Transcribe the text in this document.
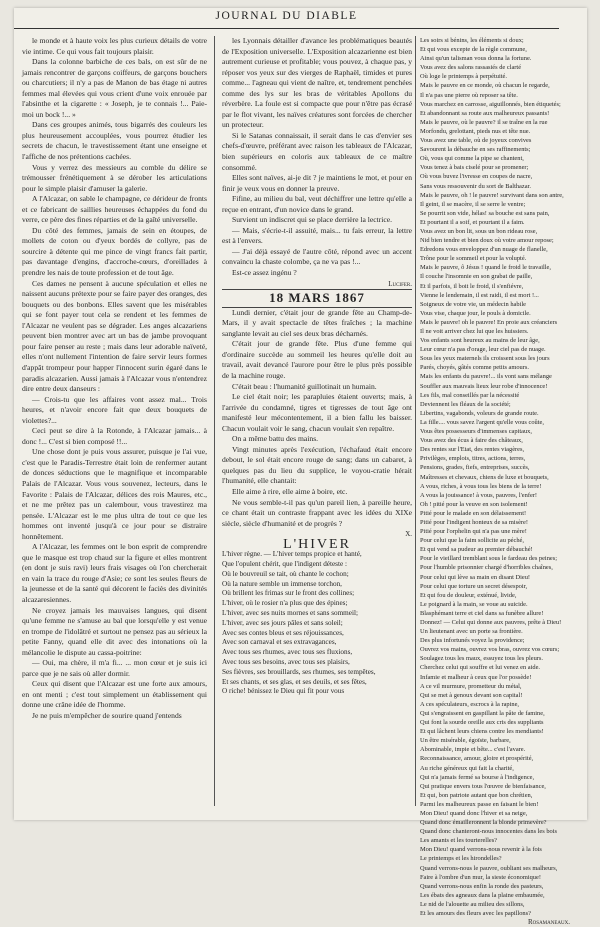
JOURNAL DU DIABLE

le monde et à haute voix les plus curieux détails de votre vie intime. Ce qui vous fait toujours plaisir.

Dans la colonne barbiche de ces bals, on est sûr de ne jamais rencontrer de garçons coiffeurs, de garçons bouchers ou charcutiers; il n'y a pas de Manon de bas étage ni autres femmes mal élevées qui vous crient d'une voix enrouée par l'absinthe et la cigarette : « Joseph, je te connais !... Paie-moi un bock !... »

Dans ces groupes animés, tous bigarrés des couleurs les plus heureusement accouplées, vous pourrez étudier les secrets de chacun, le travestissement étant une enseigne et l'affiche de nos prétentions cachées.

Vous y verrez des messieurs au comble du délire se trémousser frénétiquement à se dérober les articulations pour le simple plaisir d'amuser la galerie.

A l'Alcazar, on sable le champagne, ce dérideur de fronts et ce fabricant de saillies heureuses échappées du fond du verre, ce père des fines réparties et de la gaîté universelle.

Du côté des femmes, jamais de sein en étoupes, de mollets de coton ou d'yeux bordés de collyre, pas de sourcire à détente qui me pince de vingt francs fait partir, pas davantage d'engins, d'accroche-cœurs, d'oreillades à prendre les nais de toute profession et de tout âge.

Ces dames ne pensent à aucune spéculation et elles ne naissent aucuns prétexte pour se faire payer des oranges, des bouquets ou des bonbons. Elles savent que les misérables qui se font payer tout cela se rendent et les femmes de l'Alcazar ne veulent pas se dégrader. Les anges alcazariens peuvent bien montrer avec art un bas de jambe provoquant pour faire penser au reste ; mais dans leur adorable naïveté, elles n'ont nullement l'intention de faire servir leurs formes d'appât trompeur pour happer l'innocent surin égaré dans le paradis alcazarien. Aussi jamais à l'Alcazar vous n'entendrez dire entre deux danseurs :

— Crois-tu que les affaires vont assez mal... Trois heures, et n'avoir encore fait que deux bouquets de violettes?...

Ceci peut se dire à la Rotonde, à l'Alcazar jamais... à donc !... C'est si bien composé !!...

Une chose dont je puis vous assurer, puisque je l'ai vue, c'est que le Paradis-Terrestre était loin de renfermer autant de donces séductions que le magnifique et incomparable Palais de l'Alcazar. Vous vous souvenez, lecteurs, dans le Favorite : Palais de l'Alcazar, délices des rois Maures, etc., et ne me prêtez pas un calembour, vous travestirez ma pensée. L'Alcazar est le me plus ultra de tout ce que les hommes ont inventé jusqu'à ce jour pour se distraire honnêtement.

A l'Alcazar, les femmes ont le bon esprit de comprendre que le masque est trop chaud sur la figure et elles montrent (en dont je suis ravi) leurs frais visages où l'on chercherait en vain la trace du rouge d'Asie; ce sont les seules fleurs de la jeunesse et de la santé qui décorent le faciès des divinités alcazaresiennes.

Ne croyez jamais les mauvaises langues, qui disent qu'une femme ne s'amuse au bal que lorsqu'elle y est venue en trompe de l'idolâtré et surtout ne pensez pas au sérieux la petite Fanny, quand elle dit avec des intonations où la mélancolie le dispute au cassa-poitrine:

— Oui, ma chère, il m'a fi... ... mon cœur et je suis ici parce que je ne sais où aller dormir.

Ceux qui disent que l'Alcazar est une forte aux amours, en ont menti ; c'est tout simplement un établissement qui donne une crâne idée de l'homme.

Je ne puis m'empêcher de sourire quand j'entends

les Lyonnais détailler d'avance les problématiques beautés de l'Exposition universelle. L'Exposition alcazarienne est bien autrement curieuse et profitable; vous pouvez, à chaque pas, y réposer vos yeux sur des vierges de Raphaël, timides et pures comme... l'agneau qui vient de naître, et, tendrement penchées comme des lys sur les bras de véritables Apollons du réverbère. La foule est si compacte que pour n'être pas écrasé par le flot vivant, les naïves créatures sont forcées de chercher un protecteur.

Si le Satanas connaissait, il serait dans le cas d'envier ses chefs-d'œuvre, préférant avec raison les tableaux de l'Alcazar, bien supérieurs en coloris aux tableaux de ce maître consommé.

Elles sont naïves, ai-je dit ? je maintiens le mot, et pour en finir je veux vous en donner la preuve.

Fifine, au milieu du bal, veut déchiffrer une lettre qu'elle a reçue en entrant, d'un novice dans le grand.

Survient un indiscret qui se place derrière la lectrice.

— Mais, s'écrie-t-il assuité, mais... tu fais erreur, la lettre est à l'envers.

— J'ai déjà essayé de l'autre côté, répond avec un accent convaincu la chaste colombe, ça ne va pas !...

Est-ce assez ingénu ?

Lucifer.

18 MARS 1867

Lundi dernier, c'était jour de grande fête au Champ-de-Mars, il y avait spectacle de têtes fraîches ; la machine sanglante levait au ciel ses deux bras décharnés.

C'était jour de grande fête. Plus d'une femme qui d'ordinaire succède au sommeil les heures qu'elle doit au travail, avait devancé l'aurore pour être le plus près possible de la machine rouge.

C'était beau : l'humanité guillotinait un humain.

Le ciel était noir; les parapluies étaient ouverts; mais, à l'arrivée du condamné, tigres et tigresses de tout âge ont manifesté leur mécontentement, il a bien fallu les baisser. Chacun voulait voir le sang, chacun voulait s'en repaître.

On a même battu des mains.

Vingt minutes après l'exécution, l'échafaud était encore debout, le sol était encore rouge de sang; dans un cabaret, à quelques pas du lieu du supplice, le voyou-cratie hérait l'humanité, elle chantait:

Elle aime à rire, elle aime à boire, etc.

Ne vous semble-t-il pas qu'un pareil lien, à pareille heure, ce chant était un contraste frappant avec les idées du XIXe siècle, siècle d'humanité et de progrès ?

X.

L'HIVER

L'hiver règne. — L'hiver temps propice et hanté,

Que l'opulent chérit, que l'indigent déteste :

Où le bouvreuil se tait, où chante le cochon;

Où la nature semble un immense torchon,

Où brillent les frimas sur le front des collines;

L'hiver, où le rosier n'a plus que des épines;

L'hiver, avec ses nuits mornes et sans sommeil;

L'hiver, avec ses jours pâles et sans soleil;

Avec ses contes bleus et ses réjouissances,

Avec son carnaval et ses extravagances,

Avec tous ses rhumes, avec tous ses fluxions,

Avec tous ses besoins, avec tous ses plaisirs,

Ses fièvres, ses brouillards, ses rhumes, ses tempêtes,

Et ses chants, et ses glas, et ses deuils, et ses fêtes,

O riche! bénissez le Dieu qui fit pour vous

Les soirs si bénins, les éléments si doux;

Et qui vous excepte de la règle commune,

Ainsi qu'un talisman vous donna la fortune.

Vous avez des salons rassasiés de clarté

Où loge le printemps à perpétuité.

Mais le pauvre en ce monde, où chacun le regarde,

Il n'a pas une pierre où reposer sa tête.

Vous marchez en carrosse, aiguillonnés, bien étiquetés;

Et abandonnant sa route aux malheureux passants!

Mais le pauvre, où le pauvre? il se traîne en la rue

Morfondu, grelottant, pieds nus et tête nue.

Vous avez une table, où de joyeux convives

Savourent la débauche en ses raffinements;

Où, vous qui comme la pipe se chantent,

Vous tenez à bais ciselé pour se promener;

Où vous buvez l'ivresse en coupes de nacre,

Sans vous ressouvenir du sort de Balthazar.

Mais le pauvre, oh ! le pauvre! survivant dans son antre,

Il geint, il se macère, il se serre le ventre;

Se pourrit son vide, hélas! sa bouche est sans pain,

Et pourtant il a soif, et pourtant il a faim.

Vous avez un bon lit, sous un bon rideau rose,

Nid bien tendre et bien doux où votre amour repose;

Edredons vous enveloppez d'un nuage de flanelle,

Trône pour le sommeil et pour la volupté.

Mais le pauvre, ô Jésus ! quand le froid le travaille,

Il couche l'insomnie en son grabat de paille,

Et il parfois, il boit le froid, il s'enfiévre,

Vienne le lendemain, il est raidi, il est mort !...

Soigneux de votre vie, un médecin habile

Vous vise, chaque jour, le pouls à domicile.

Mais le pauvre! oh le pauvre! En proie aux créanciers

Il ne voit arriver chez lui que les huissiers.

Vos enfants sont heureux au mains de leur âge,

Leur cœur n'a pas d'orage, leur ciel pas de nuage.

Sous les yeux maternels ils croissent sous les jours

Parés, choyés, gâtés comme petits amours.

Mais les enfants du pauvre!... ils vont sans mélange

Souffler aux mauvais lieux leur robe d'innocence!

Les fils, mal conseillés par la nécessité

Deviennent les fléaux de la société;

Libertins, vagabonds, voleurs de grande route.

La fille.... vous savez l'argent qu'elle vous coûte,

Vous êtes possesseurs d'immenses capitaux,

Vous avez des écus à faire des châteaux,

Des rentes sur l'Etat, des rentes viagères,

Privilèges, emplois, titres, actions, terres,

Pensions, grades, fiefs, entreprises, succès,

Maîtresses et chevaux, chiens de luxe et bouquets,

A vous, riches, à vous tous les biens de la terre!

A vous la jouissance! à vous, pauvres, l'enfer!

Oh ! pitié pour la veuve en son isolement!

Pitié pour le malade en son délaissement!

Pitié pour l'indigent honteux de sa misère!

Pitié pour l'orphelin qui n'a pas une mère!

Pour celui que la faim sollicite au péché,

Et qui vend sa pudeur au premier débauché!

Pour le vieillard tremblant sous le fardeau des peines;

Pour l'humble prisonnier chargé d'horribles chaînes,

Pour celui qui lève sa main en disant Dieu!

Pour celui que torture un secret désespoir,

Et qui fou de douleur, exténué, livide,

Le poignard à la main, se voue au suicide.

Blasphémant terre et ciel dans sa funèbre allure!

Donnez! — Celui qui donne aux pauvres, prête à Dieu!

Un lieutenant avec un porte sa frontière.

Des plus infortunés voyez la providence;

Ouvrez vos mains, ouvrez vos bras, ouvrez vos cœurs;

Soulagez tous les maux, essuyez tous les pleurs.

Cherchez celui qui souffre et lui venez en aide.

Infamie et malheur à ceux que l'or possède!

A ce vil murmure, prometteur du métal,

Qui se met à genoux devant son capital!

A ces spéculateurs, escrocs à la rapine,

Qui s'engraissent en gaspillant la pâte de famine,

Qui font la sourde oreille aux cris des suppliants

Et qui lâchent leurs chiens contre les mendiants!

Un être misérable, égoïste, barbare,

Abominable, impie et bête... c'est l'avare.

Reconnaissance, amour, gloire et prospérité,

Au riche généreux qui fait la charité,

Qui n'a jamais fermé sa bourse à l'indigence,

Qui pratique envers tous l'œuvre de bienfaisance,

Et qui, bon patriote autant que bon chrétien,

Parmi les malheureux passe en faisant le bien!

Mon Dieu! quand donc l'hiver et sa neige,

Quand donc émailleronnent la blonde primevère?

Quand donc chanteront-nous innocentes dans les bois

Les amants et les tourterelles?

Mon Dieu! quand verrons-nous revenir à la fois

Le printemps et les hirondelles?

Quand verrons-nous le pauvre, oubliant ses malheurs,

Faire à l'ombre d'un mur, la sieste économique!

Quand verrons-nous enfin la ronde des pasteurs,

Les ébats des agneaux dans la plaine embaumée,

Le nid de l'alouette au milieu des sillons,

Et les amours des fleurs avec les papillons?

Rosamaneaux.
